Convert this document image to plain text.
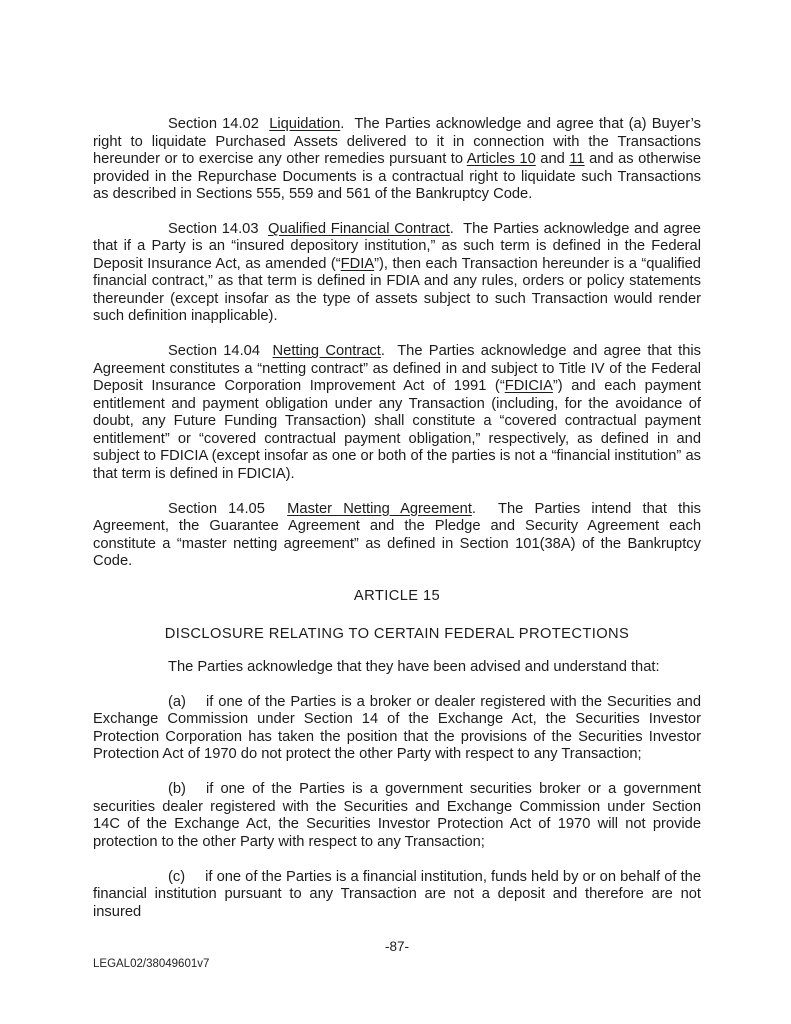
Section 14.02  Liquidation.  The Parties acknowledge and agree that (a) Buyer’s right to liquidate Purchased Assets delivered to it in connection with the Transactions hereunder or to exercise any other remedies pursuant to Articles 10 and 11 and as otherwise provided in the Repurchase Documents is a contractual right to liquidate such Transactions as described in Sections 555, 559 and 561 of the Bankruptcy Code.
Section 14.03  Qualified Financial Contract.  The Parties acknowledge and agree that if a Party is an “insured depository institution,” as such term is defined in the Federal Deposit Insurance Act, as amended (“FDIA”), then each Transaction hereunder is a “qualified financial contract,” as that term is defined in FDIA and any rules, orders or policy statements thereunder (except insofar as the type of assets subject to such Transaction would render such definition inapplicable).
Section 14.04  Netting Contract.  The Parties acknowledge and agree that this Agreement constitutes a “netting contract” as defined in and subject to Title IV of the Federal Deposit Insurance Corporation Improvement Act of 1991 (“FDICIA”) and each payment entitlement and payment obligation under any Transaction (including, for the avoidance of doubt, any Future Funding Transaction) shall constitute a “covered contractual payment entitlement” or “covered contractual payment obligation,” respectively, as defined in and subject to FDICIA (except insofar as one or both of the parties is not a “financial institution” as that term is defined in FDICIA).
Section 14.05  Master Netting Agreement.  The Parties intend that this Agreement, the Guarantee Agreement and the Pledge and Security Agreement each constitute a “master netting agreement” as defined in Section 101(38A) of the Bankruptcy Code.
ARTICLE 15
DISCLOSURE RELATING TO CERTAIN FEDERAL PROTECTIONS
The Parties acknowledge that they have been advised and understand that:
(a) if one of the Parties is a broker or dealer registered with the Securities and Exchange Commission under Section 14 of the Exchange Act, the Securities Investor Protection Corporation has taken the position that the provisions of the Securities Investor Protection Act of 1970 do not protect the other Party with respect to any Transaction;
(b) if one of the Parties is a government securities broker or a government securities dealer registered with the Securities and Exchange Commission under Section 14C of the Exchange Act, the Securities Investor Protection Act of 1970 will not provide protection to the other Party with respect to any Transaction;
(c) if one of the Parties is a financial institution, funds held by or on behalf of the financial institution pursuant to any Transaction are not a deposit and therefore are not insured
-87-
LEGAL02/38049601v7
